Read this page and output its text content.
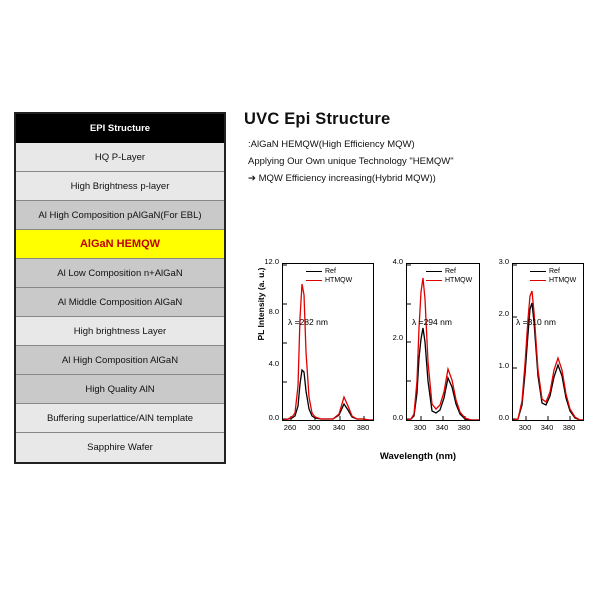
EPI Structure
HQ P-Layer
High Brightness p-layer
Al High Composition pAlGaN(For EBL)
AlGaN HEMQW
Al Low Composition n+AlGaN
Al Middle Composition AlGaN
High brightness Layer
Al High Composition AlGaN
High Quality AlN
Buffering superlattice/AlN template
Sapphire Wafer
UVC Epi Structure
:AlGaN HEMQW(High Efficiency MQW)
Applying Our Own unique Technology "HEMQW"
➔ MQW Efficiency increasing(Hybrid MQW))
PL Intensity (a. u.)
12.0
8.0
4.0
0.0
260 300 340 380
λ =282 nm
Ref
HTMQW
4.0
2.0
0.0
300 340 380
λ =294 nm
Ref
HTMQW
3.0
2.0
1.0
0.0
300 340 380
λ =310 nm
Ref
HTMQW
Wavelength (nm)
